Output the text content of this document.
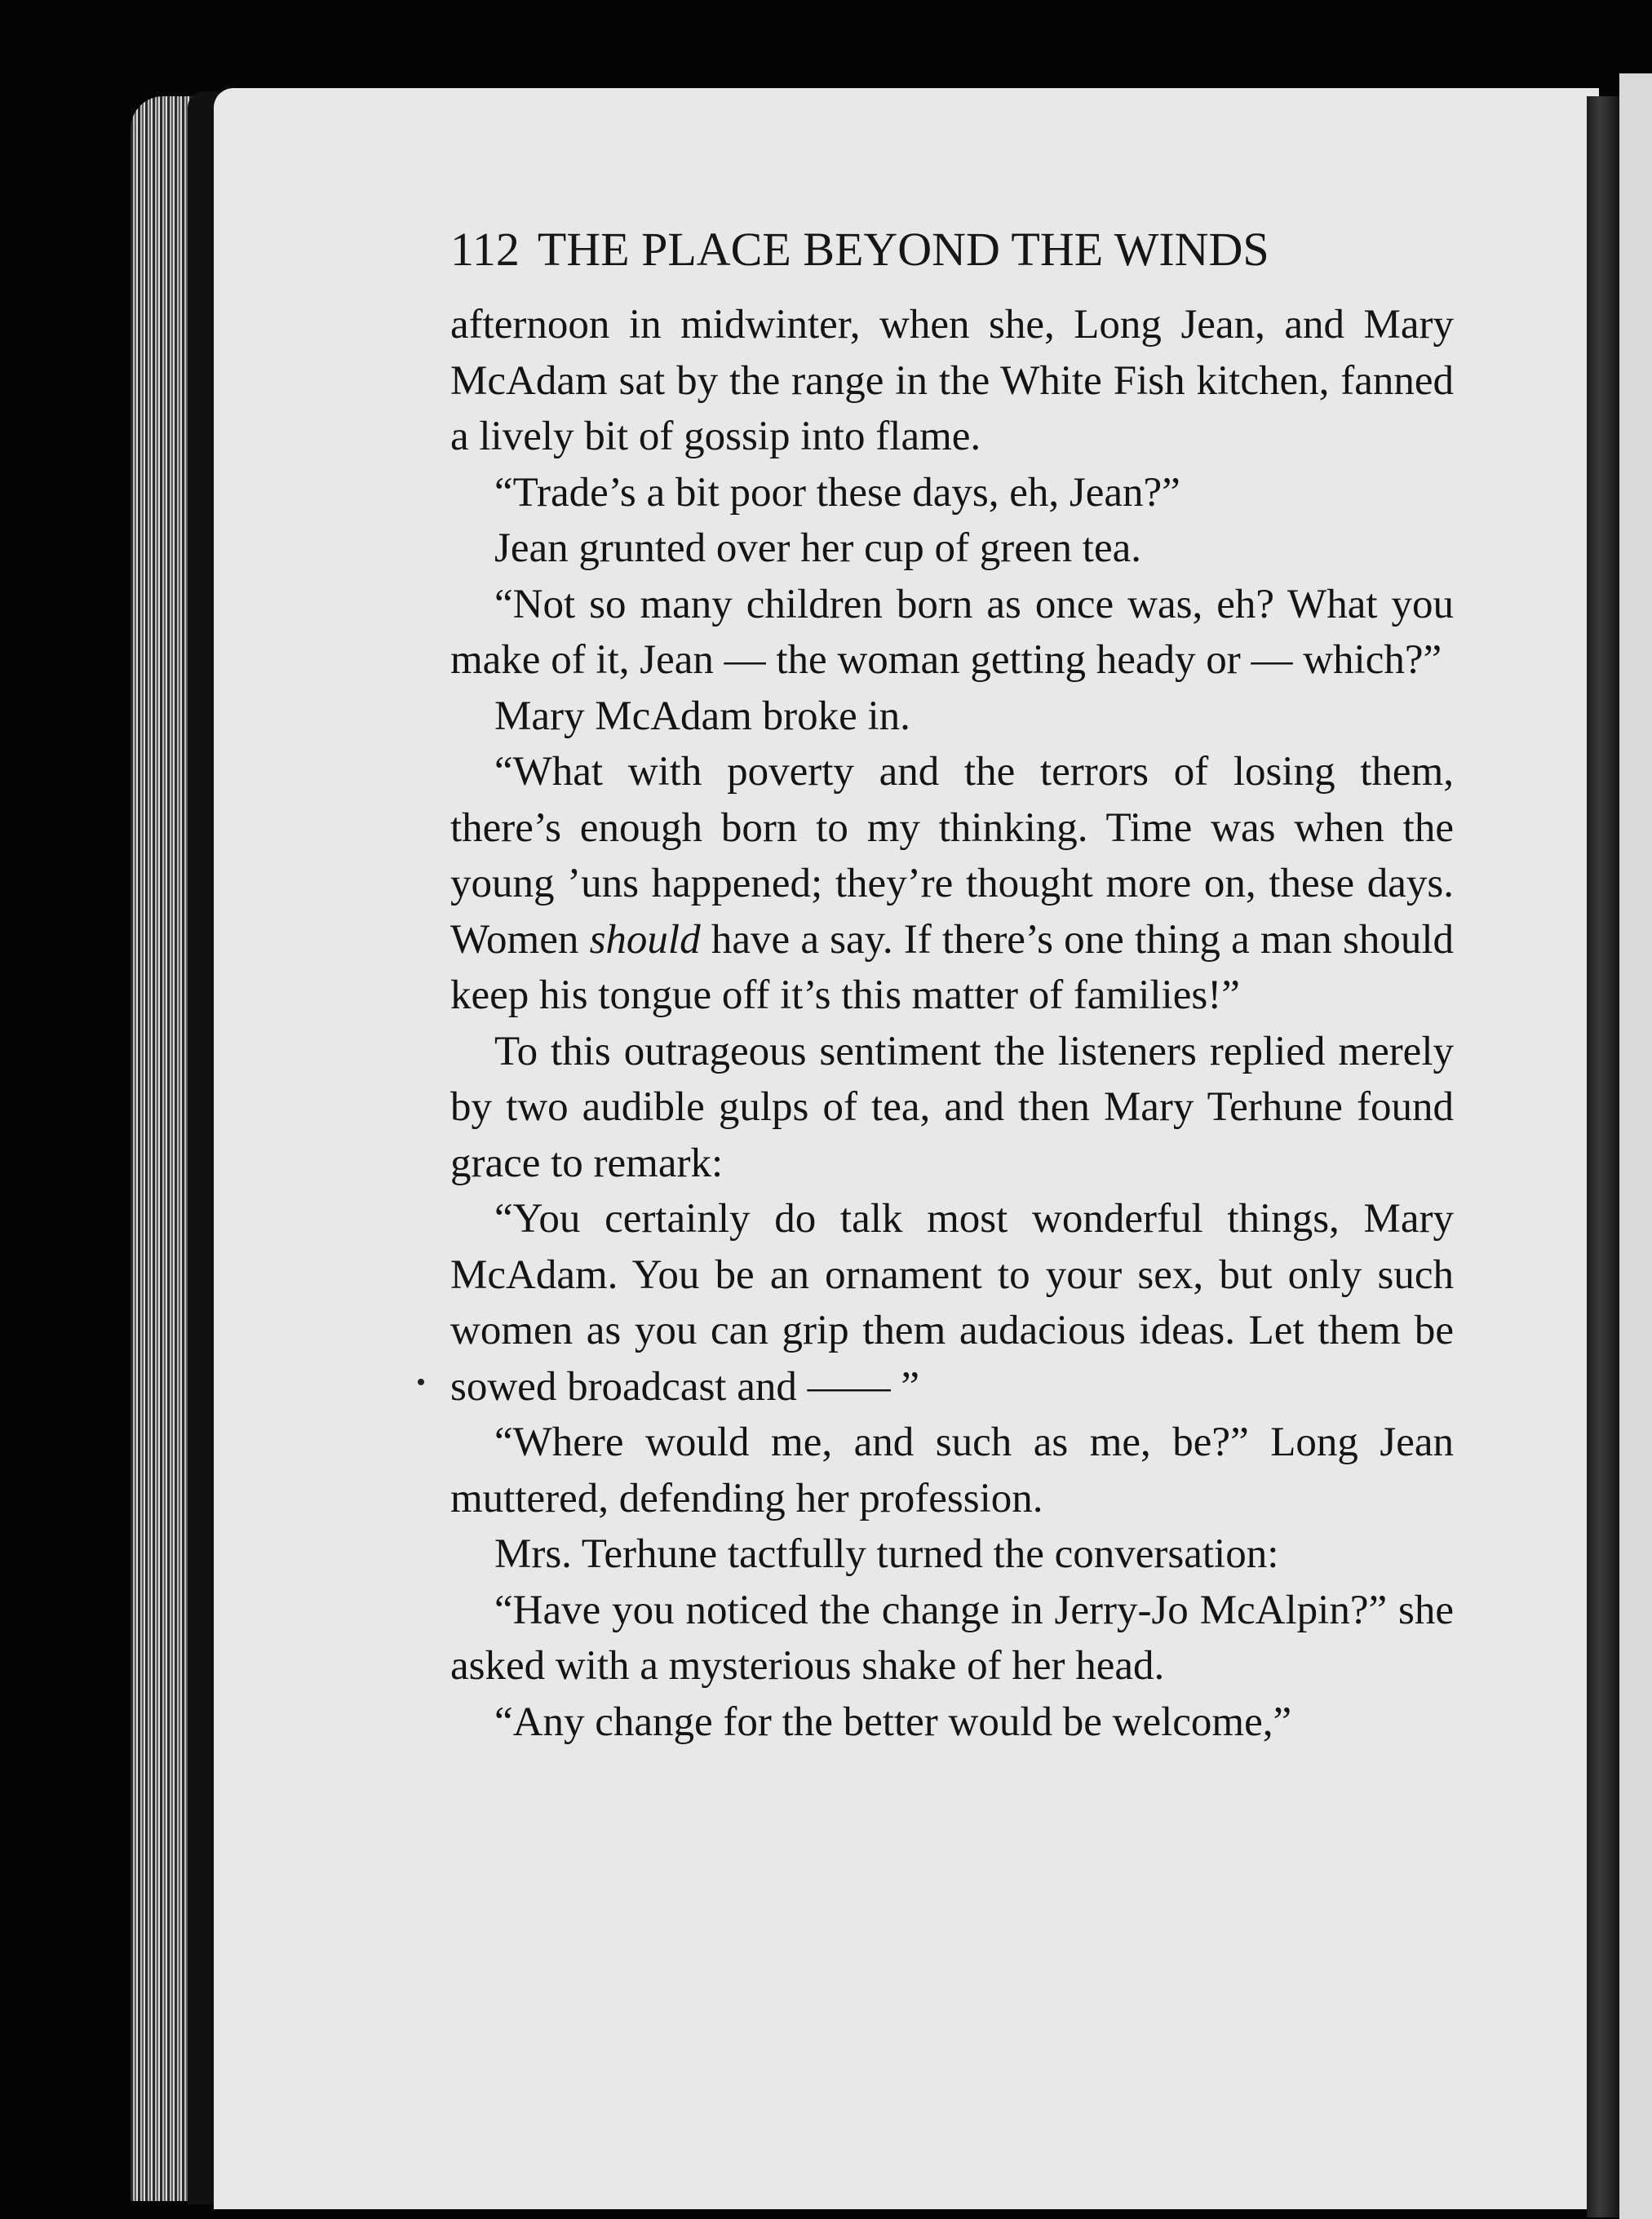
112 THE PLACE BEYOND THE WINDS

afternoon in midwinter, when she, Long Jean, and Mary McAdam sat by the range in the White Fish kitchen, fanned a lively bit of gossip into flame.

“Trade’s a bit poor these days, eh, Jean?”

Jean grunted over her cup of green tea.

“Not so many children born as once was, eh? What you make of it, Jean — the woman getting heady or — which?”

Mary McAdam broke in.

“What with poverty and the terrors of losing them, there’s enough born to my thinking. Time was when the young ’uns happened; they’re thought more on, these days. Women should have a say. If there’s one thing a man should keep his tongue off it’s this matter of families!”

To this outrageous sentiment the listeners replied merely by two audible gulps of tea, and then Mary Terhune found grace to remark:

“You certainly do talk most wonderful things, Mary McAdam. You be an ornament to your sex, but only such women as you can grip them audacious ideas. Let them be sowed broadcast and —— ”

“Where would me, and such as me, be?” Long Jean muttered, defending her profession.

Mrs. Terhune tactfully turned the conversation:

“Have you noticed the change in Jerry-Jo McAlpin?” she asked with a mysterious shake of her head.

“Any change for the better would be welcome,”
